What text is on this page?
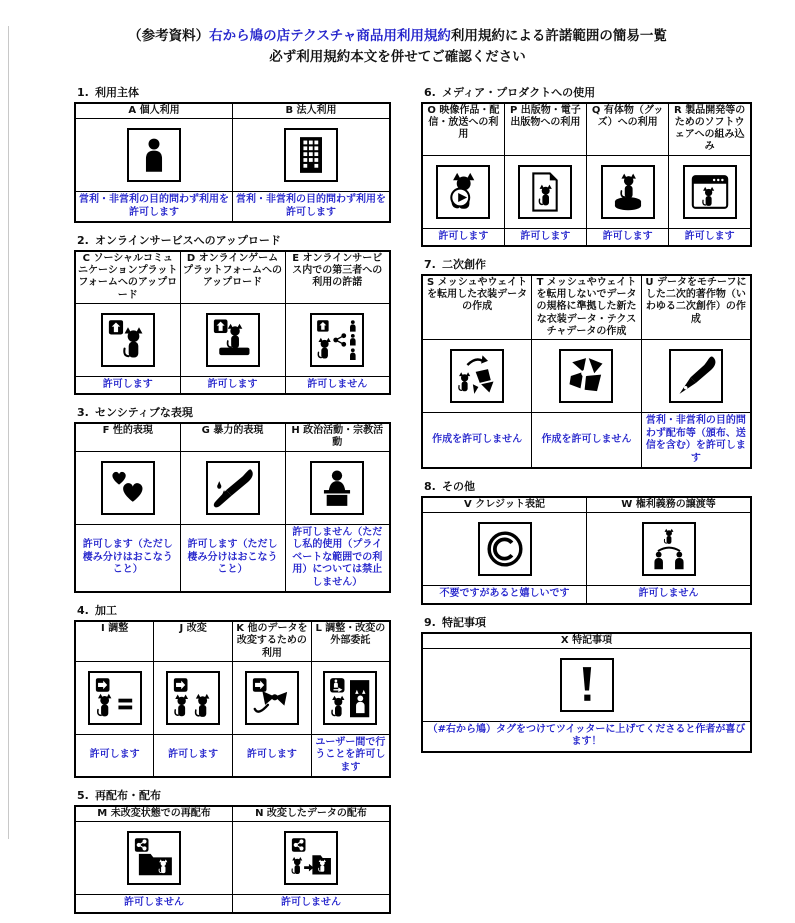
（参考資料）右から鳩の店テクスチャ商品用利用規約利用規約による許諾範囲の簡易一覧
必ず利用規約本文を併せてご確認ください
1. 利用主体
A 個人利用	B 法人利用

営利・非営利の目的問わず利用を許可します	営利・非営利の目的問わず利用を許可します
2. オンラインサービスへのアップロード
C ソーシャルコミュニケーションプラットフォームへのアップロード	D オンラインゲームプラットフォームへのアップロード	E オンラインサービス内での第三者への利用の許諾

許可します	許可します	許可しません
3. センシティブな表現
F 性的表現	G 暴力的表現	H 政治活動・宗教活動

許可します（ただし棲み分けはおこなうこと）	許可します（ただし棲み分けはおこなうこと）	許可しません（ただし私的使用（プライベートな範囲での利用）については禁止しません）
4. 加工
I 調整	J 改変	K 他のデータを改変するための利用	L 調整・改変の外部委託

許可します	許可します	許可します	ユーザー間で行うことを許可します
5. 再配布・配布
M 未改変状態での再配布	N 改変したデータの配布

許可しません	許可しません
6. メディア・プロダクトへの使用
O 映像作品・配信・放送への利用	P 出版物・電子出版物への利用	Q 有体物（グッズ）への利用	R 製品開発等のためのソフトウェアへの組み込み

許可します	許可します	許可します	許可します
7. 二次創作
S メッシュやウェイトを転用した衣装データの作成	T メッシュやウェイトを転用しないでデータの規格に準拠した新たな衣装データ・テクスチャデータの作成	U データをモチーフにした二次的著作物（いわゆる二次創作）の作成

作成を許可しません	作成を許可しません	営利・非営利の目的問わず配布等（頒布、送信を含む）を許可します
8. その他
V クレジット表記	W 権利義務の譲渡等

不要ですがあると嬉しいです	許可しません
9. 特記事項
X 特記事項

（#右から鳩）タグをつけてツイッターに上げてくださると作者が喜びます！
